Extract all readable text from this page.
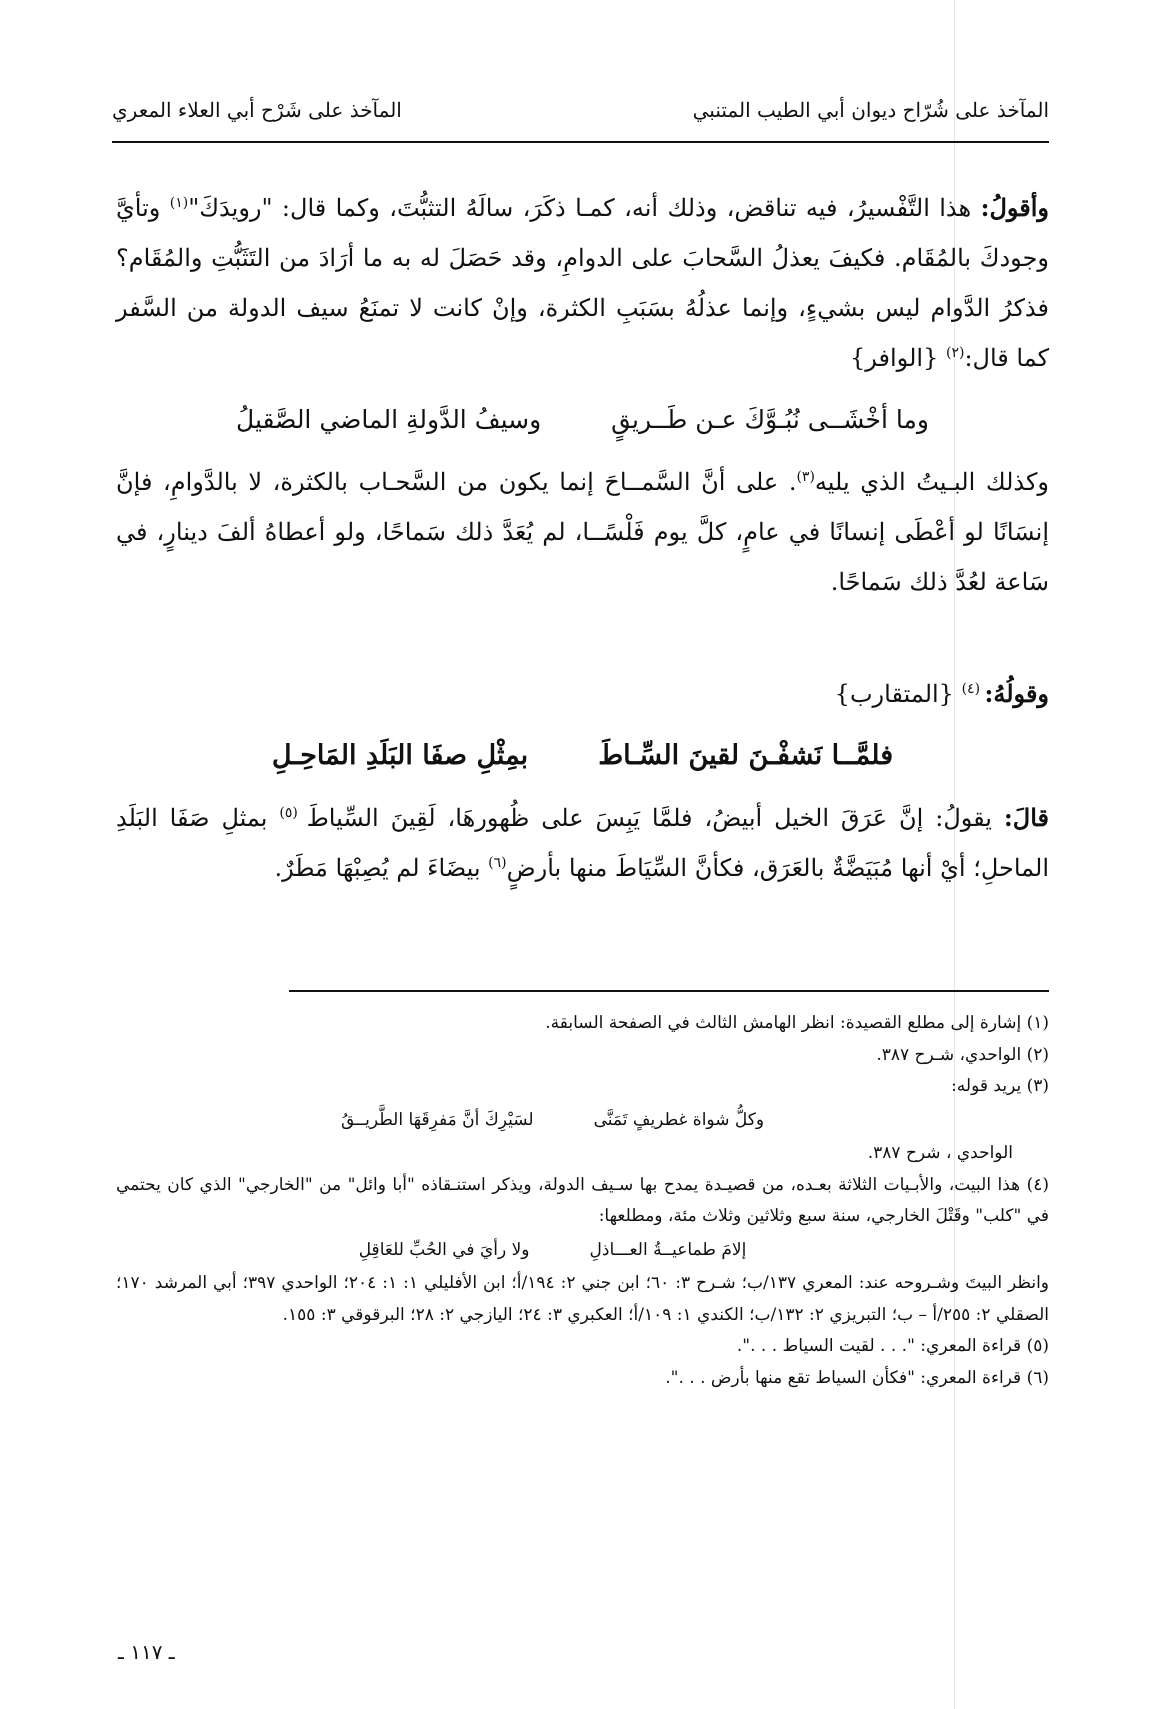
المآخذ على شُرّاح ديوان أبي الطيب المتنبي
المآخذ على شَرْح أبي العلاء المعري

وأقولُ: هذا التَّفْسيرُ، فيه تناقض، وذلك أنه، كمـا ذكَرَ، سالَهُ التثبُّتَ، وكما قال: "رويدَكَ"$^{(١)}$ وتأيَّ وجودكَ بالمُقَام. فكيفَ يعذلُ السَّحابَ على الدوامِ، وقد حَصَلَ له به ما أرَادَ من التَثَبُّتِ والمُقَام؟ فذكرُ الدَّوام ليس بشيءٍ، وإنما عذلُهُ بسَبَبِ الكثرة، وإنْ كانت لا تمنَعُ سيف الدولة من السَّفر كما قال:$^{(٢)}$ {الوافر}

وما أخْشَــى نُبُـوَّكَ عـن طَــريقٍ
وسيفُ الدَّولةِ الماضي الصَّقيلُ

وكذلك البـيتُ الذي يليه$^{(٣)}$. على أنَّ السَّمــاحَ إنما يكون من السَّحـاب بالكثرة، لا بالدَّوامِ، فإنَّ إنسَانًا لو أعْطَى إنسانًا في عامٍ، كلَّ يوم فَلْسًــا، لم يُعَدَّ ذلك سَماحًا، ولو أعطاهُ ألفَ دينارٍ، في سَاعة لعُدَّ ذلك سَماحًا.

وقولُهُ: $^{(٤)}$ {المتقارب}

فلمَّــا نَشفْـنَ لقينَ السِّـاطَ
بمِثْلِ صفَا البَلَدِ المَاحِـلِ

قالَ: يقولُ: إنَّ عَرَقَ الخيل أبيضُ، فلمَّا يَبِسَ على ظُهورهَا، لَقِينَ السِّياطَ $^{(٥)}$ بمثلِ صَفَا البَلَدِ الماحلِ؛ أيْ أنها مُبَيَضَّةٌ بالعَرَق، فكأنَّ السِّيَاطَ منها بأرضٍ$^{(٦)}$ بيضَاءَ لم يُصِبْهَا مَطَرٌ.

(١) إشارة إلى مطلع القصيدة: انظر الهامش الثالث في الصفحة السابقة.

(٢) الواحدي، شـرح ٣٨٧.

(٣) يريد قوله:

وكلُّ شواة غطريفٍ تَمَنَّى
لسَيْرِكَ أنَّ مَفرِقَهَا الطَّريــقُ

الواحدي ، شرح ٣٨٧.

(٤) هذا البيت، والأبـيات الثلاثة بعـده، من قصيـدة يمدح بها سـيف الدولة، ويذكر استنـقاذه "أبا وائل" من "الخارجي" الذي كان يحتمي في "كلب" وقَتْلَ الخارجي، سنة سبع وثلاثين وثلاث مئة، ومطلعها:

إلامَ طماعيــةُ العـــاذلِ
ولا رأيَ في الحُبِّ للعَاقِلِ

وانظر البيتَ وشـروحه عند: المعري ١٣٧/ب؛ شـرح ٣: ٦٠؛ ابن جني ٢: ١٩٤/أ؛ ابن الأفليلي ١: ١: ٢٠٤؛ الواحدي ٣٩٧؛ أبي المرشد ١٧٠؛ الصقلي ٢: ٢٥٥/أ – ب؛ التبريزي ٢: ١٣٢/ب؛ الكندي ١: ١٠٩/أ؛ العكبري ٣: ٢٤؛ اليازجي ٢: ٢٨؛ البرقوقي ٣: ١٥٥.

(٥) قراءة المعري: ". . . لقيت السياط . . .".

(٦) قراءة المعري: "فكأن السياط تقع منها بأرض . . .".

ـ ١١٧ ـ
